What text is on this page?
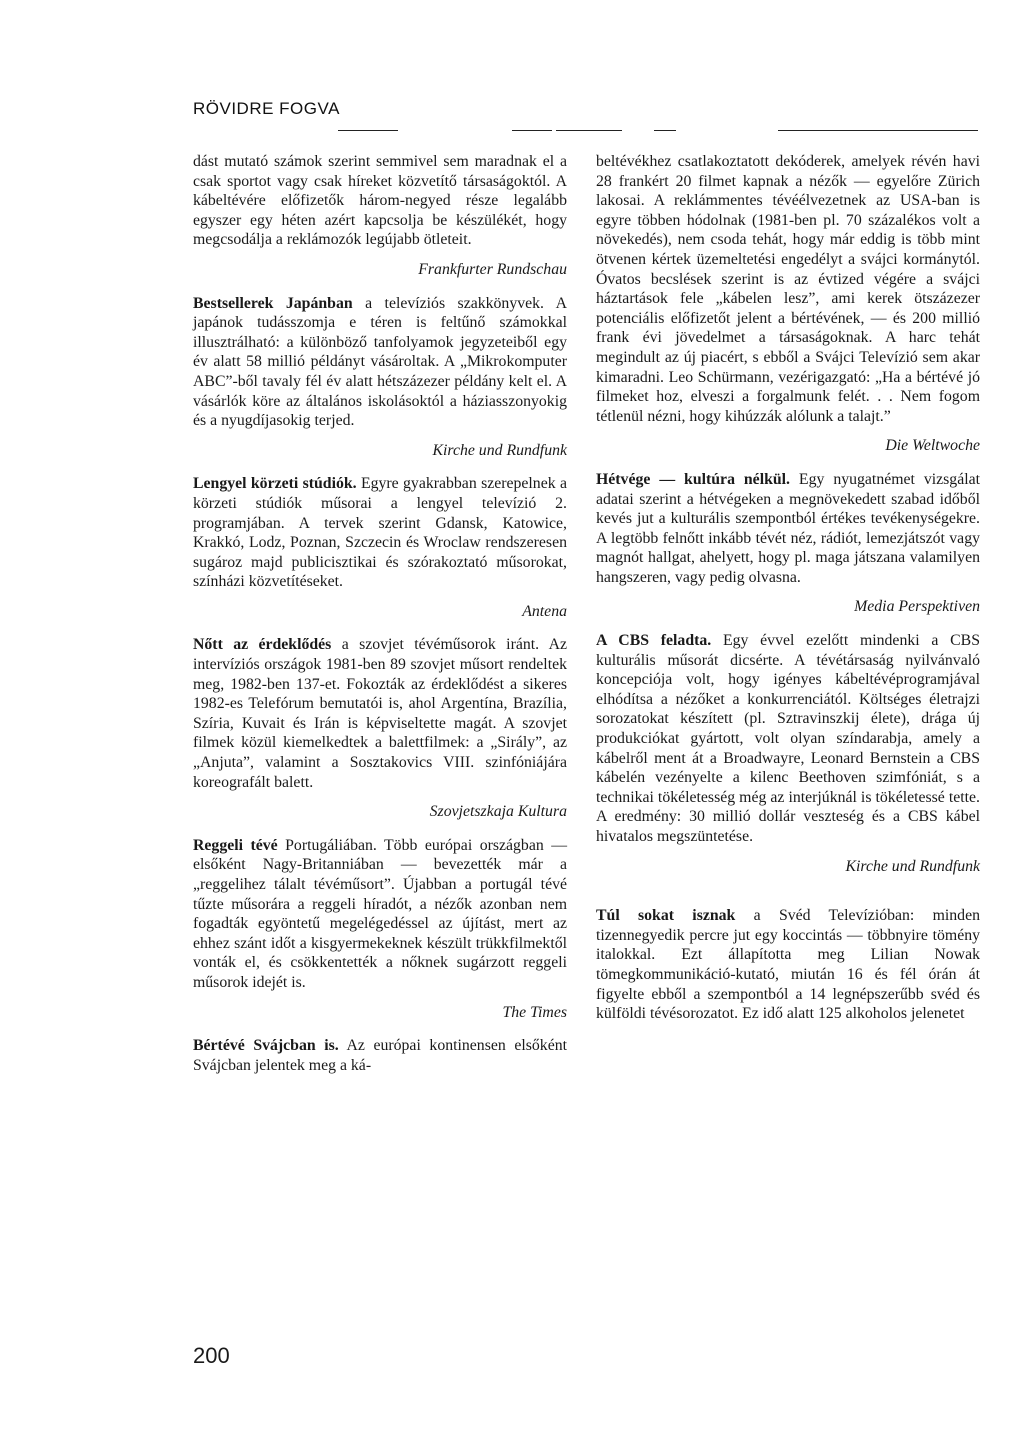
RÖVIDRE FOGVA

dást mutató számok szerint semmivel sem maradnak el a csak sportot vagy csak híreket közvetítő társaságoktól. A kábeltévére előfizetők három-negyed része legalább egyszer egy héten azért kapcsolja be készülékét, hogy megcsodálja a reklámozók legújabb ötleteit.

Frankfurter Rundschau

Bestsellerek Japánban a televíziós szakkönyvek. A japánok tudásszomja e téren is feltűnő számokkal illusztrálható: a különböző tanfolyamok jegyzeteiből egy év alatt 58 millió példányt vásároltak. A „Mikrokomputer ABC”-ből tavaly fél év alatt hétszázezer példány kelt el. A vásárlók köre az általános iskolásoktól a háziasszonyokig és a nyugdíjasokig terjed.

Kirche und Rundfunk

Lengyel körzeti stúdiók. Egyre gyakrabban szerepelnek a körzeti stúdiók műsorai a lengyel televízió 2. programjában. A tervek szerint Gdansk, Katowice, Krakkó, Lodz, Poznan, Szczecin és Wroclaw rendszeresen sugároz majd publicisztikai és szórakoztató műsorokat, színházi közvetítéseket.

Antena

Nőtt az érdeklődés a szovjet tévéműsorok iránt. Az intervíziós országok 1981-ben 89 szovjet műsort rendeltek meg, 1982-ben 137-et. Fokozták az érdeklődést a sikeres 1982-es Telefórum bemutatói is, ahol Argentína, Brazília, Szíria, Kuvait és Irán is képviseltette magát. A szovjet filmek közül kiemelkedtek a balettfilmek: a „Sirály”, az „Anjuta”, valamint a Sosztakovics VIII. szinfóniájára koreografált balett.

Szovjetszkaja Kultura

Reggeli tévé Portugáliában. Több európai országban — elsőként Nagy-Britanniában — bevezették már a „reggelihez tálalt tévéműsort”. Újabban a portugál tévé tűzte műsorára a reggeli híradót, a nézők azonban nem fogadták egyöntetű megelégedéssel az újítást, mert az ehhez szánt időt a kisgyermekeknek készült trükkfilmektől vonták el, és csökkentették a nőknek sugárzott reggeli műsorok idejét is.

The Times

Bértévé Svájcban is. Az európai kontinensen elsőként Svájcban jelentek meg a ká-

beltévékhez csatlakoztatott dekóderek, amelyek révén havi 28 frankért 20 filmet kapnak a nézők — egyelőre Zürich lakosai. A reklámmentes tévéélvezetnek az USA-ban is egyre többen hódolnak (1981-ben pl. 70 százalékos volt a növekedés), nem csoda tehát, hogy már eddig is több mint ötvenen kértek üzemeltetési engedélyt a svájci kormánytól. Óvatos becslések szerint is az évtized végére a svájci háztartások fele „kábelen lesz”, ami kerek ötszázezer potenciális előfizetőt jelent a bértévének, — és 200 millió frank évi jövedelmet a társaságoknak. A harc tehát megindult az új piacért, s ebből a Svájci Televízió sem akar kimaradni. Leo Schürmann, vezérigazgató: „Ha a bértévé jó filmeket hoz, elveszi a forgalmunk felét. . . Nem fogom tétlenül nézni, hogy kihúzzák alólunk a talajt.”

Die Weltwoche

Hétvége — kultúra nélkül. Egy nyugatnémet vizsgálat adatai szerint a hétvégeken a megnövekedett szabad időből kevés jut a kulturális szempontból értékes tevékenységekre. A legtöbb felnőtt inkább tévét néz, rádiót, lemezjátszót vagy magnót hallgat, ahelyett, hogy pl. maga játszana valamilyen hangszeren, vagy pedig olvasna.

Media Perspektiven

A CBS feladta. Egy évvel ezelőtt mindenki a CBS kulturális műsorát dicsérte. A tévétársaság nyilvánvaló koncepciója volt, hogy igényes kábeltévéprogramjával elhódítsa a nézőket a konkurrenciától. Költséges életrajzi sorozatokat készített (pl. Sztravinszkij élete), drága új produkciókat gyártott, volt olyan színdarabja, amely a kábelről ment át a Broadwayre, Leonard Bernstein a CBS kábelén vezényelte a kilenc Beethoven szimfóniát, s a technikai tökéletesség még az interjúknál is tökéletessé tette. A eredmény: 30 millió dollár veszteség és a CBS kábel hivatalos megszüntetése.

Kirche und Rundfunk

Túl sokat isznak a Svéd Televízióban: minden tizennegyedik percre jut egy koccintás — többnyire tömény italokkal. Ezt állapította meg Lilian Nowak tömegkommunikáció-kutató, miután 16 és fél órán át figyelte ebből a szempontból a 14 legnépszerűbb svéd és külföldi tévésorozatot. Ez idő alatt 125 alkoholos jelenetet

200
